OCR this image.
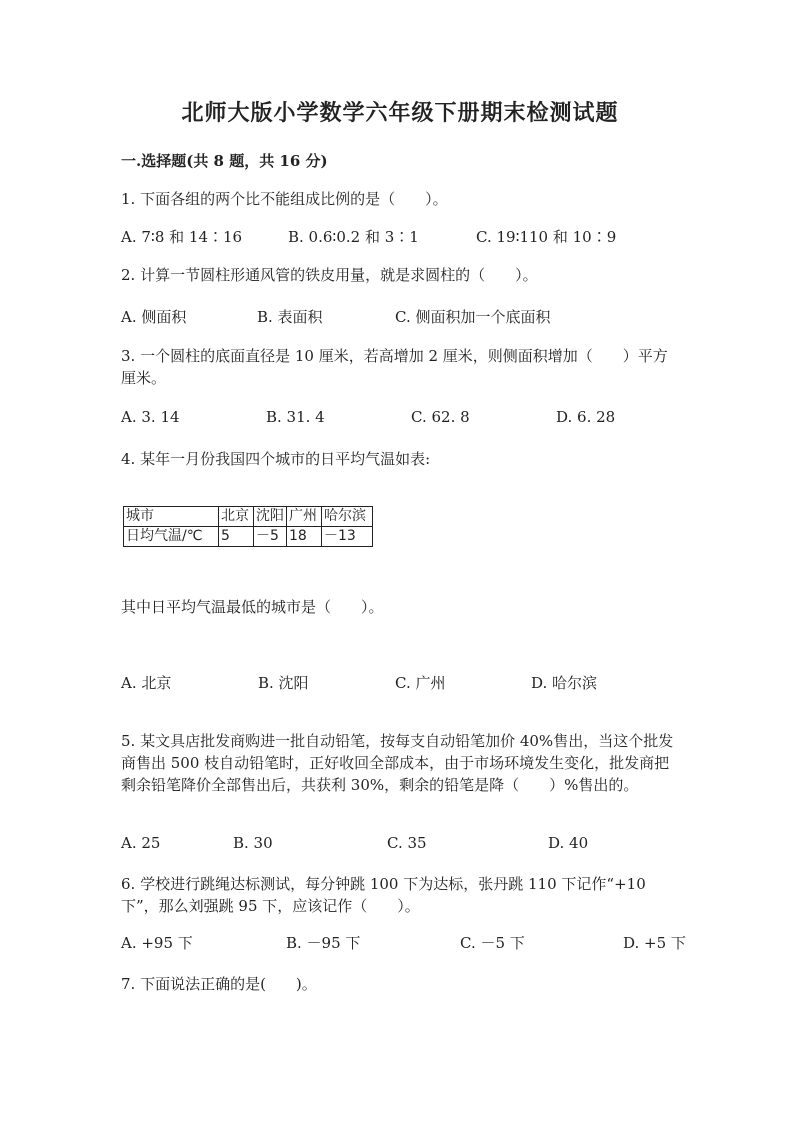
北师大版小学数学六年级下册期末检测试题
一.选择题(共 8 题，共 16 分)
1. 下面各组的两个比不能组成比例的是（　　）。
A. 7∶8 和 14∶16	B. 0.6∶0.2 和 3∶1	C. 19∶110 和 10∶9
2. 计算一节圆柱形通风管的铁皮用量，就是求圆柱的（　　）。
A. 侧面积	B. 表面积	C. 侧面积加一个底面积
3. 一个圆柱的底面直径是 10 厘米，若高增加 2 厘米，则侧面积增加（　　）平方厘米。
A. 3. 14	B. 31. 4	C. 62. 8	D. 6. 28
4. 某年一月份我国四个城市的日平均气温如表:
城市	北京	沈阳	广州	哈尔滨
日均气温/℃	5	－5	18	－13
其中日平均气温最低的城市是（　　）。
A. 北京	B. 沈阳	C. 广州	D. 哈尔滨
5. 某文具店批发商购进一批自动铅笔，按每支自动铅笔加价 40%售出，当这个批发商售出 500 枝自动铅笔时，正好收回全部成本，由于市场环境发生变化，批发商把剩余铅笔降价全部售出后，共获利 30%，剩余的铅笔是降（　　）%售出的。
A. 25	B. 30	C. 35	D. 40
6. 学校进行跳绳达标测试，每分钟跳 100 下为达标，张丹跳 110 下记作“+10 下”，那么刘强跳 95 下，应该记作（　　）。
A. +95 下	B. －95 下	C. －5 下	D. +5 下
7. 下面说法正确的是(　　)。
